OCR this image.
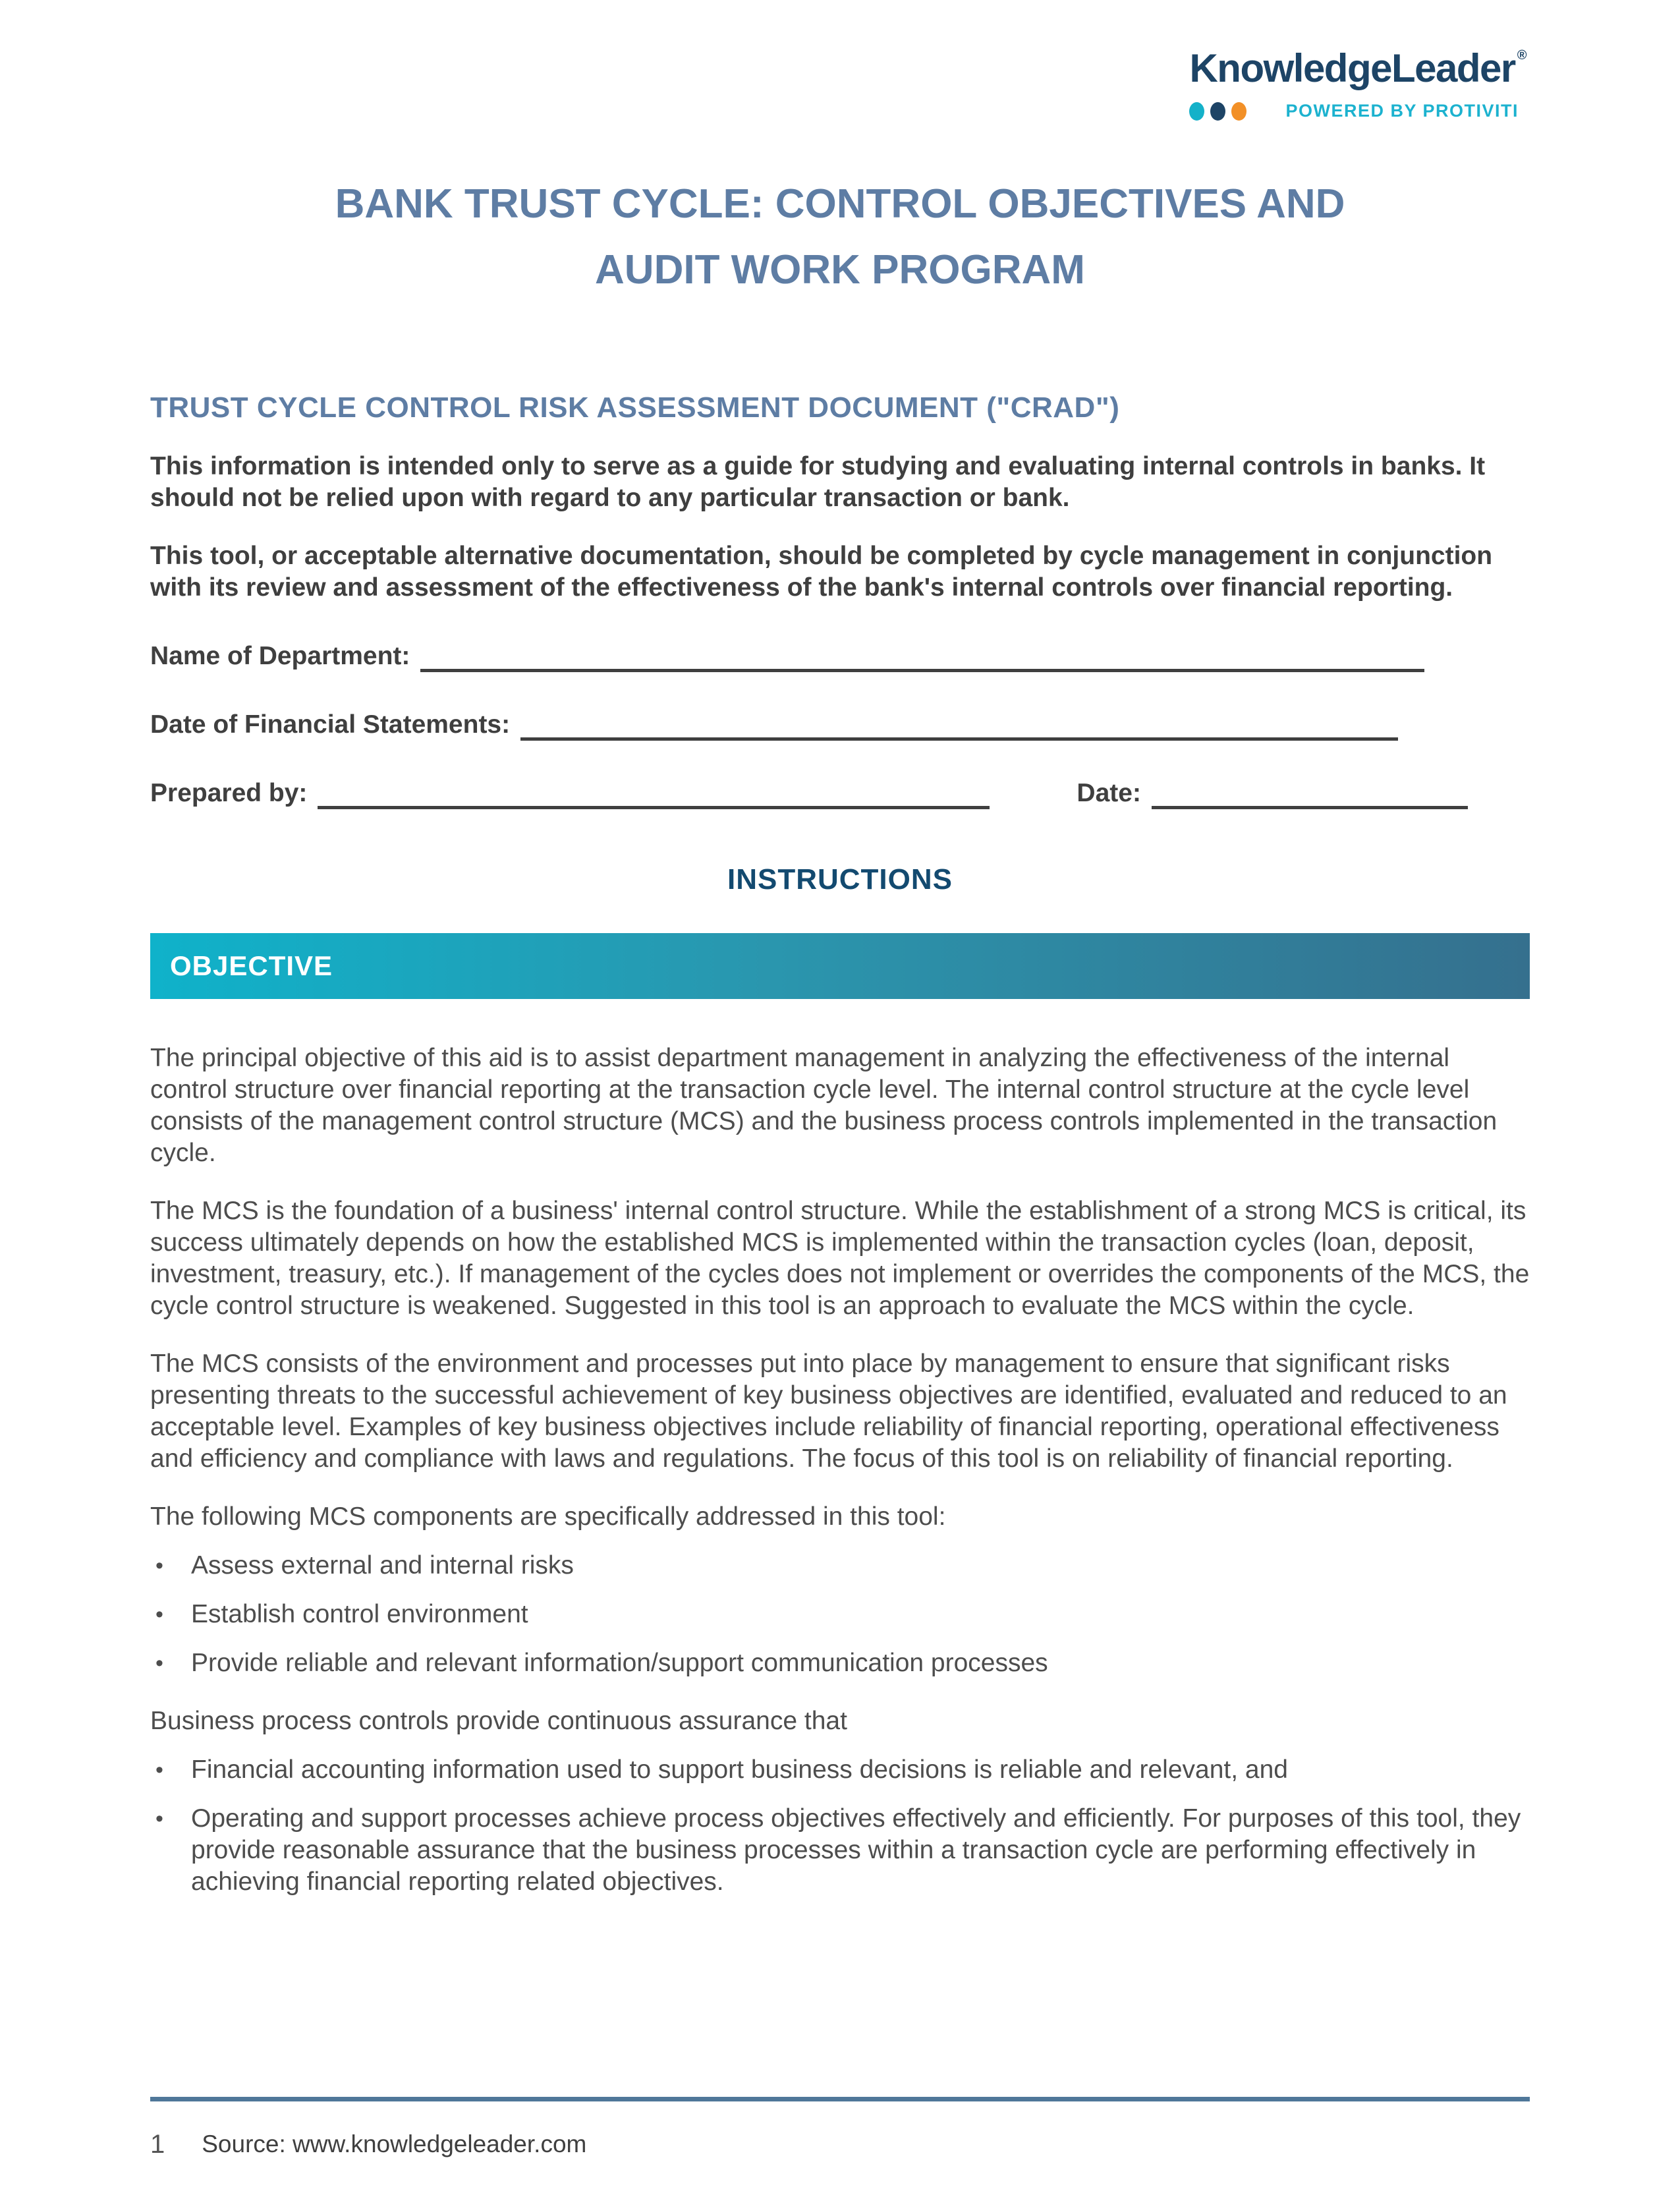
KnowledgeLeader ®
POWERED BY PROTIVITI
BANK TRUST CYCLE: CONTROL OBJECTIVES AND
AUDIT WORK PROGRAM
TRUST CYCLE CONTROL RISK ASSESSMENT DOCUMENT ("CRAD")

This information is intended only to serve as a guide for studying and evaluating internal controls in banks. It should not be relied upon with regard to any particular transaction or bank.

This tool, or acceptable alternative documentation, should be completed by cycle management in conjunction with its review and assessment of the effectiveness of the bank's internal controls over financial reporting.

Name of Department:
Date of Financial Statements:
Prepared by:	Date:
INSTRUCTIONS
OBJECTIVE

The principal objective of this aid is to assist department management in analyzing the effectiveness of the internal control structure over financial reporting at the transaction cycle level. The internal control structure at the cycle level consists of the management control structure (MCS) and the business process controls implemented in the transaction cycle.

The MCS is the foundation of a business' internal control structure. While the establishment of a strong MCS is critical, its success ultimately depends on how the established MCS is implemented within the transaction cycles (loan, deposit, investment, treasury, etc.). If management of the cycles does not implement or overrides the components of the MCS, the cycle control structure is weakened. Suggested in this tool is an approach to evaluate the MCS within the cycle.

The MCS consists of the environment and processes put into place by management to ensure that significant risks presenting threats to the successful achievement of key business objectives are identified, evaluated and reduced to an acceptable level. Examples of key business objectives include reliability of financial reporting, operational effectiveness and efficiency and compliance with laws and regulations. The focus of this tool is on reliability of financial reporting.

The following MCS components are specifically addressed in this tool:

•	Assess external and internal risks
•	Establish control environment
•	Provide reliable and relevant information/support communication processes

Business process controls provide continuous assurance that

•	Financial accounting information used to support business decisions is reliable and relevant, and
•	Operating and support processes achieve process objectives effectively and efficiently. For purposes of this tool, they provide reasonable assurance that the business processes within a transaction cycle are performing effectively in achieving financial reporting related objectives.
1 Source: www.knowledgeleader.com
